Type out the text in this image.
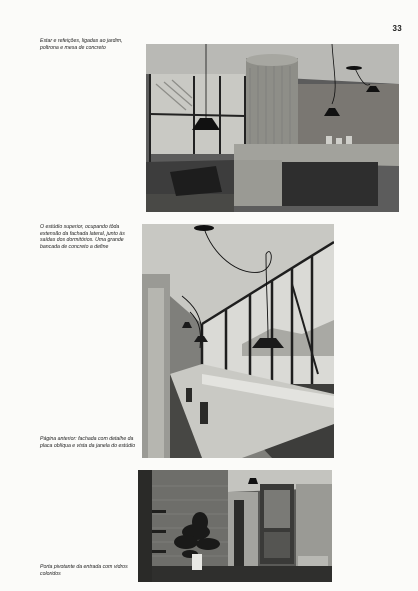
33
Estar e refeições, ligadas ao jardim, poltrona e mesa de concreto
O estúdio superior, ocupando tôda extensão da fachada lateral, junto às saídas dos dormitórios. Uma grande bancada de concreto a define
Página anterior: fachada com detalhe da placa oblíqua e vista da janela do estúdio
Porta pivotante da entrada com vidros coloridos
